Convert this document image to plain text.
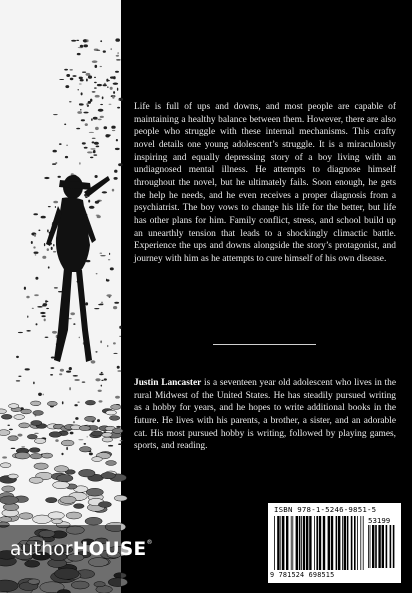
Life is full of ups and downs, and most people are capable of maintaining a healthy balance between them. However, there are also people who struggle with these internal mechanisms. This crafty novel details one young adolescent’s struggle. It is a miraculously inspiring and equally depressing story of a boy living with an undiagnosed mental illness. He attempts to diagnose himself throughout the novel, but he ultimately fails. Soon enough, he gets the help he needs, and he even receives a proper diagnosis from a psychiatrist. The boy vows to change his life for the better, but life has other plans for him. Family conflict, stress, and school build up an unearthly tension that leads to a shockingly climactic battle. Experience the ups and downs alongside the story’s protagonist, and journey with him as he attempts to cure himself of his own disease.
Justin Lancaster is a seventeen year old adolescent who lives in the rural Midwest of the United States. He has steadily pursued writing as a hobby for years, and he hopes to write additional books in the future. He lives with his parents, a brother, a sister, and an adorable cat. His most pursued hobby is writing, followed by playing games, sports, and reading.
ISBN 978-1-5246-9851-5
53199
9 781524 698515
authorHOUSE®
